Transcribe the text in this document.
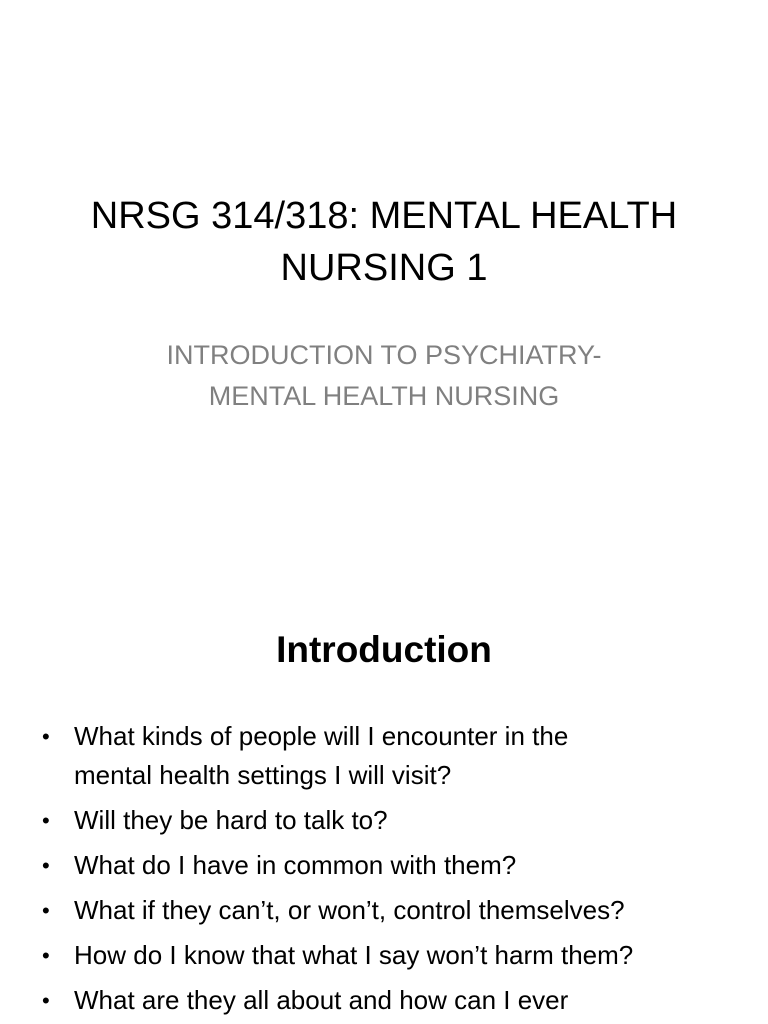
NRSG 314/318: MENTAL HEALTH
NURSING 1
INTRODUCTION TO PSYCHIATRY-
MENTAL HEALTH NURSING
Introduction
• What kinds of people will I encounter in the
mental health settings I will visit?
• Will they be hard to talk to?
• What do I have in common with them?
• What if they can’t, or won’t, control themselves?
• How do I know that what I say won’t harm them?
• What are they all about and how can I ever
